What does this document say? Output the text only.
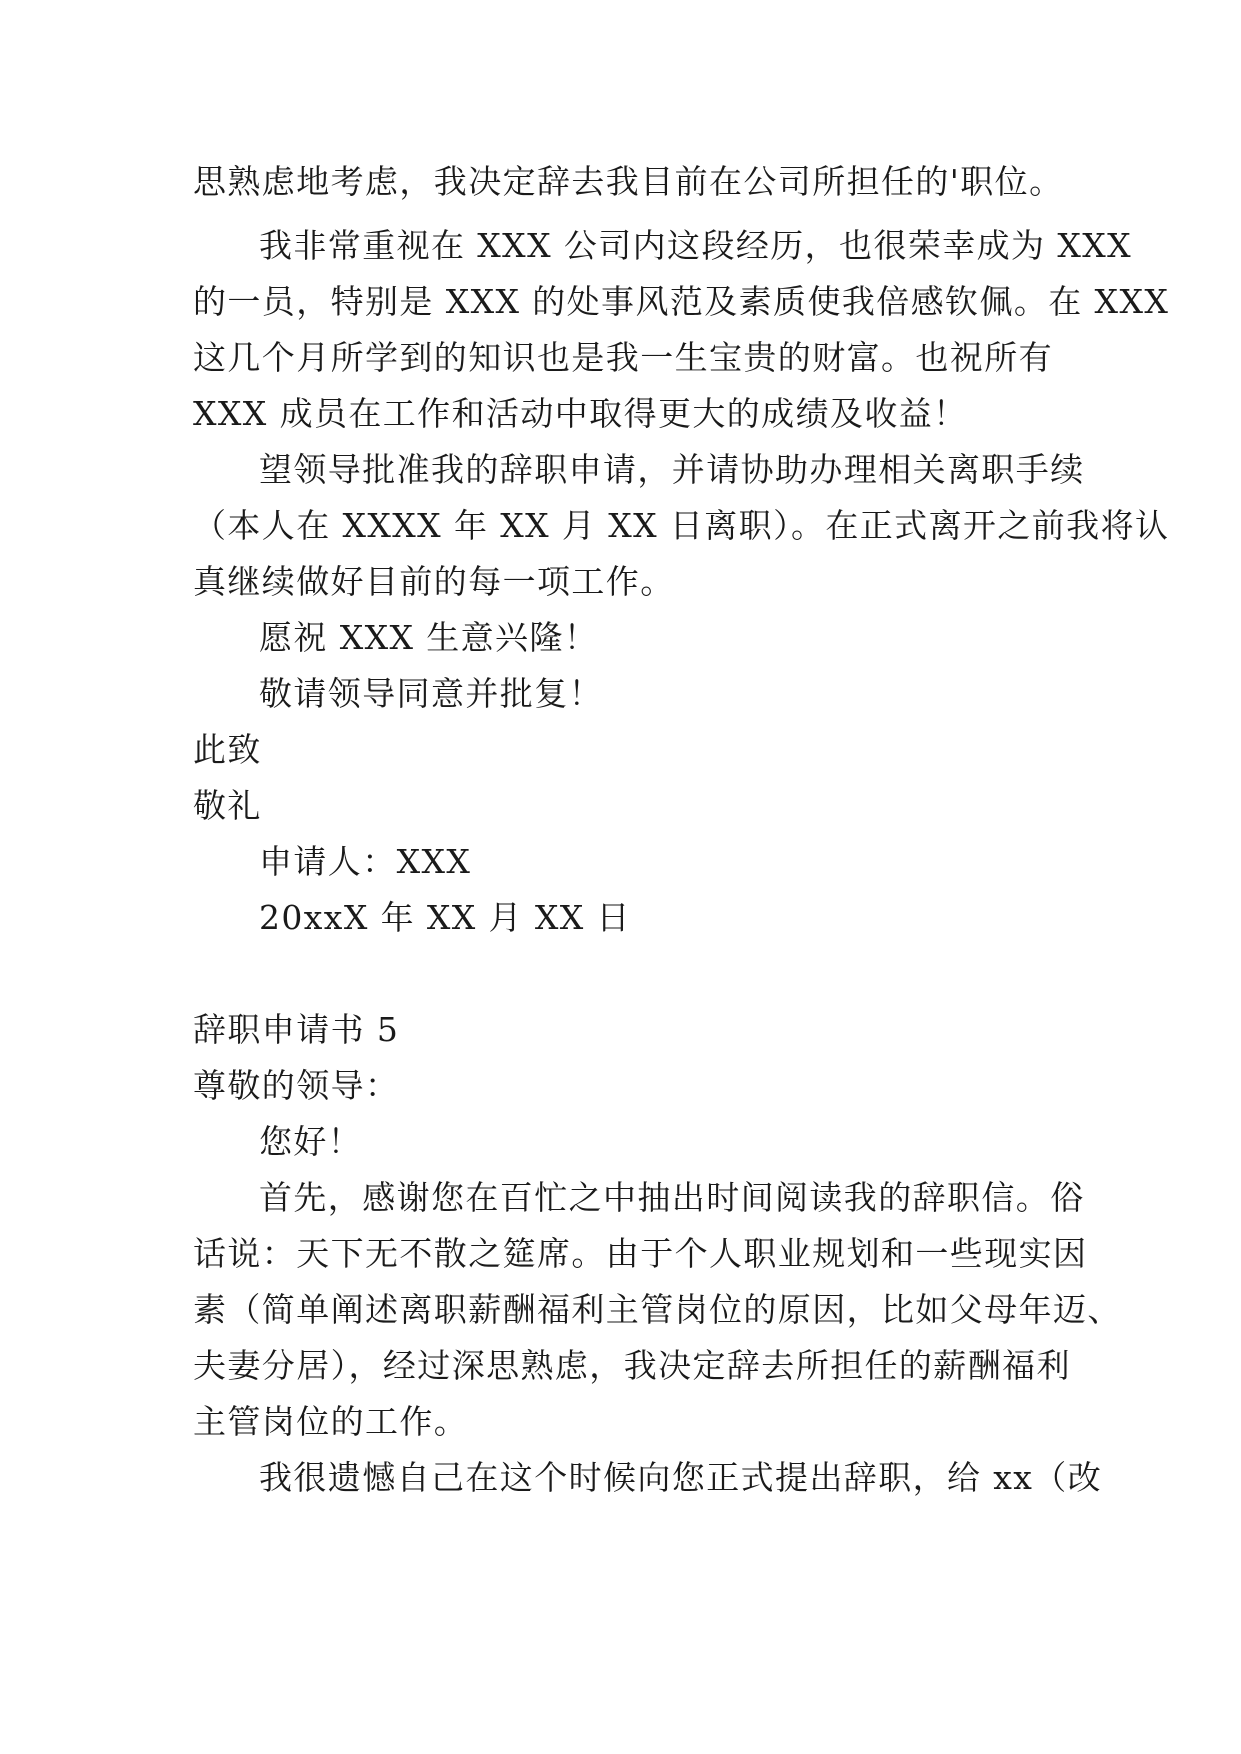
思熟虑地考虑，我决定辞去我目前在公司所担任的'职位。
我非常重视在 XXX 公司内这段经历，也很荣幸成为 XXX
的一员，特别是 XXX 的处事风范及素质使我倍感钦佩。在 XXX
这几个月所学到的知识也是我一生宝贵的财富。也祝所有
XXX 成员在工作和活动中取得更大的成绩及收益！
望领导批准我的辞职申请，并请协助办理相关离职手续
（本人在 XXXX 年 XX 月 XX 日离职）。在正式离开之前我将认
真继续做好目前的每一项工作。
愿祝 XXX 生意兴隆！
敬请领导同意并批复！
此致
敬礼
申请人：XXX
20xxX 年 XX 月 XX 日
辞职申请书 5
尊敬的领导：
您好！
首先，感谢您在百忙之中抽出时间阅读我的辞职信。俗
话说：天下无不散之筵席。由于个人职业规划和一些现实因
素（简单阐述离职薪酬福利主管岗位的原因，比如父母年迈、
夫妻分居），经过深思熟虑，我决定辞去所担任的薪酬福利
主管岗位的工作。
我很遗憾自己在这个时候向您正式提出辞职，给 xx（改
